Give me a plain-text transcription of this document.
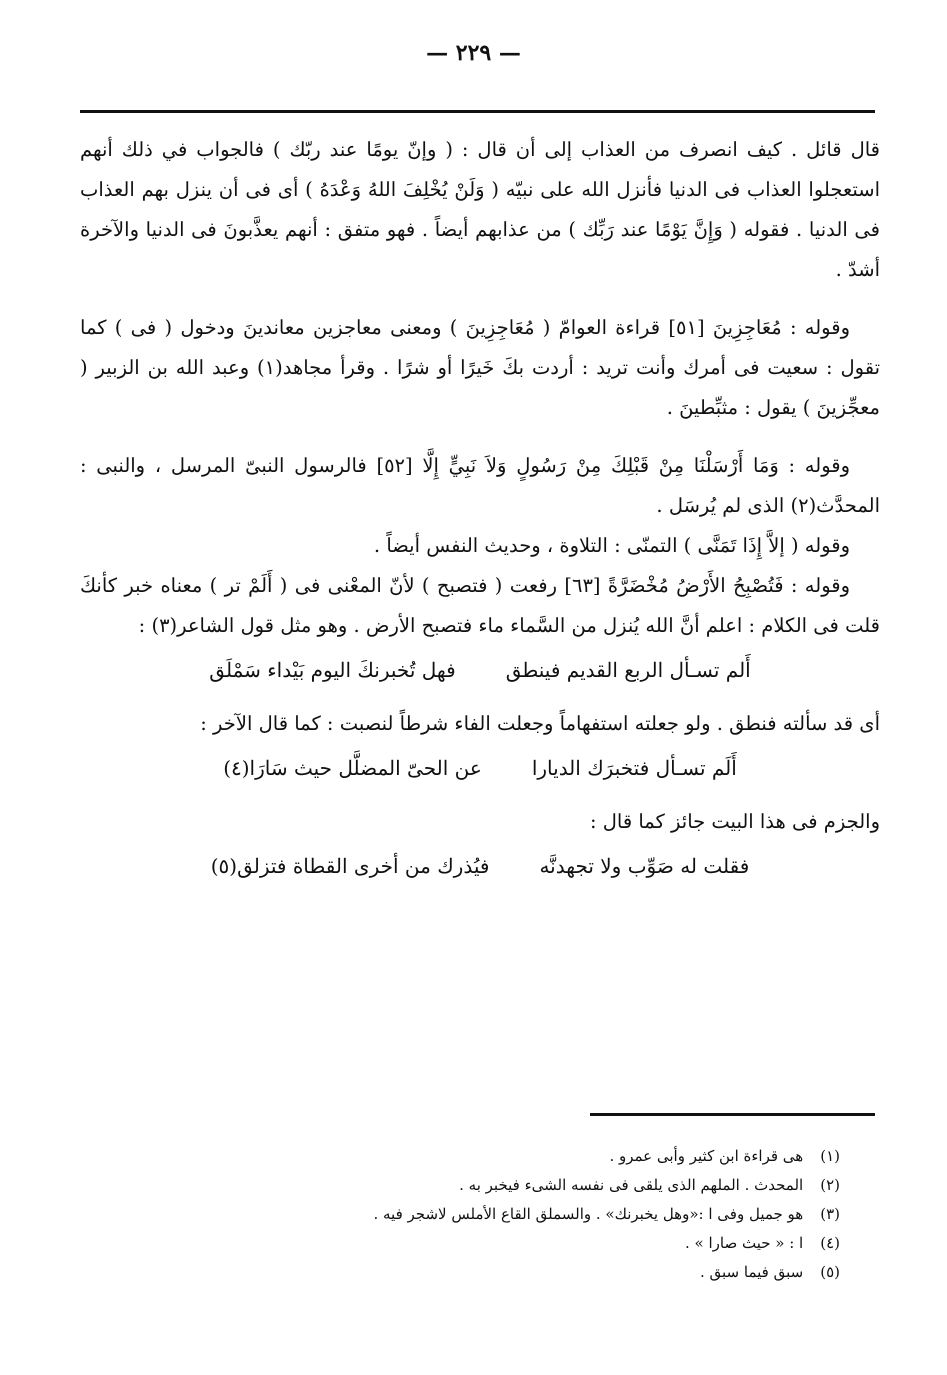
— ٢٢٩ —

قال قائل . كيف انصرف من العذاب إلى أن قال : ( وإنّ يومًا عند ربّك ) فالجواب في ذلك أنهم استعجلوا العذاب فى الدنيا فأنزل الله على نبيّه ( وَلَنْ يُخْلِفَ اللهُ وَعْدَهُ ) أى فى أن ينزل بهم العذاب فى الدنيا . فقوله ( وَإِنَّ يَوْمًا عند رَبِّك ) من عذابهم أيضاً . فهو متفق : أنهم يعذَّبونَ فى الدنيا والآخرة أشدّ .

وقوله : مُعَاجِزِينَ [٥١] قراءة العوامّ ( مُعَاجِزِينَ ) ومعنى معاجزين معاندينَ ودخول ( فى ) كما تقول : سعيت فى أمرك وأنت تريد : أردت بكَ خَيرًا أو شرًا . وقرأ مجاهد(١) وعبد الله بن الزبير ( معجِّزينَ ) يقول : مثبِّطينَ .

وقوله : وَمَا أَرْسَلْنَا مِنْ قَبْلِكَ مِنْ رَسُولٍ وَلاَ نَبِيٍّ إِلَّا [٥٢] فالرسول النبىّ المرسل ، والنبى : المحدَّث(٢) الذى لم يُرسَل .

وقوله ( إلاَّ إِذَا تَمَنَّى ) التمنّى : التلاوة ، وحديث النفس أيضاً .

وقوله : فَتُصْبِحُ الأَرْضُ مُخْضَرَّةً [٦٣] رفعت ( فتصبح ) لأنّ المعْنى فى ( أَلَمْ تر ) معناه خبر كأنكَ قلت فى الكلام : اعلم أنَّ الله يُنزل من السَّماء ماء فتصبح الأرض . وهو مثل قول الشاعر(٣) :

أَلم تسـأل الربع القديم فينطق
فهل تُخبرنكَ اليوم بَيْداء سَمْلَق

أى قد سألته فنطق . ولو جعلته استفهاماً وجعلت الفاء شرطاً لنصبت : كما قال الآخر :

أَلَم تسـأل فتخبرَك الديارا
عن الحىّ المضلَّل حيث سَارَا(٤)

والجزم فى هذا البيت جائز كما قال :

فقلت له صَوِّب ولا تجهدنَّه
فيُذرك من أخرى القطاة فتزلق(٥)

(١) هى قراءة ابن كثير وأبى عمرو .

(٢) المحدث . الملهم الذى يلقى فى نفسه الشىء فيخبر به .

(٣) هو جميل وفى ا :«وهل يخبرنك» . والسملق القاع الأملس لاشجر فيه .

(٤) ا : « حيث صارا » .

(٥) سبق فيما سبق .
